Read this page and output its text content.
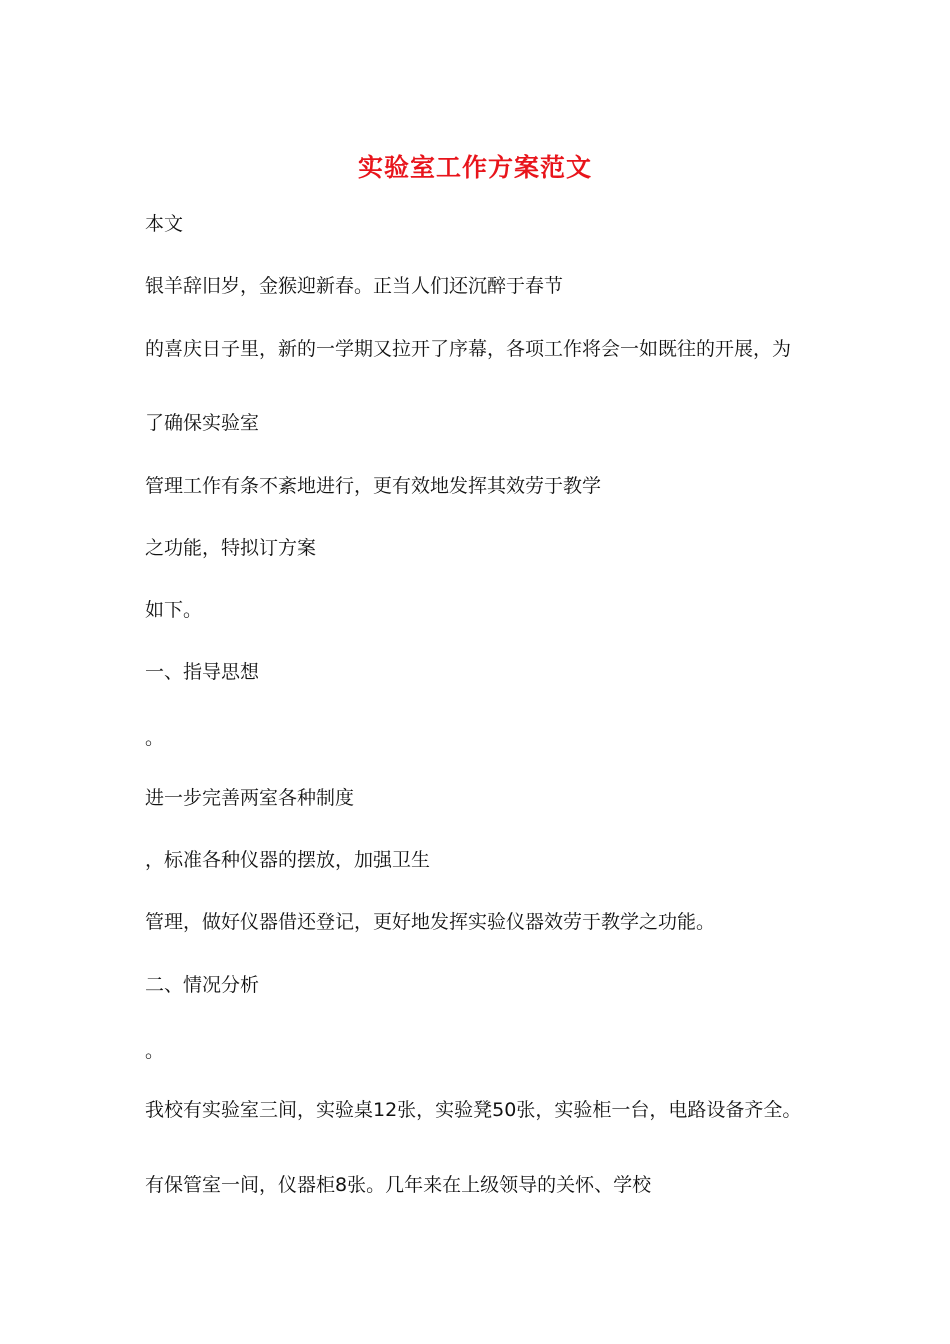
实验室工作方案范文
本文
银羊辞旧岁，金猴迎新春。正当人们还沉醉于春节
的喜庆日子里，新的一学期又拉开了序幕，各项工作将会一如既往的开展，为
了确保实验室
管理工作有条不紊地进行，更有效地发挥其效劳于教学
之功能，特拟订方案
如下。
一、指导思想
。
进一步完善两室各种制度
，标准各种仪器的摆放，加强卫生
管理，做好仪器借还登记，更好地发挥实验仪器效劳于教学之功能。
二、情况分析
。
我校有实验室三间，实验桌12张，实验凳50张，实验柜一台，电路设备齐全。
有保管室一间，仪器柜8张。几年来在上级领导的关怀、学校
